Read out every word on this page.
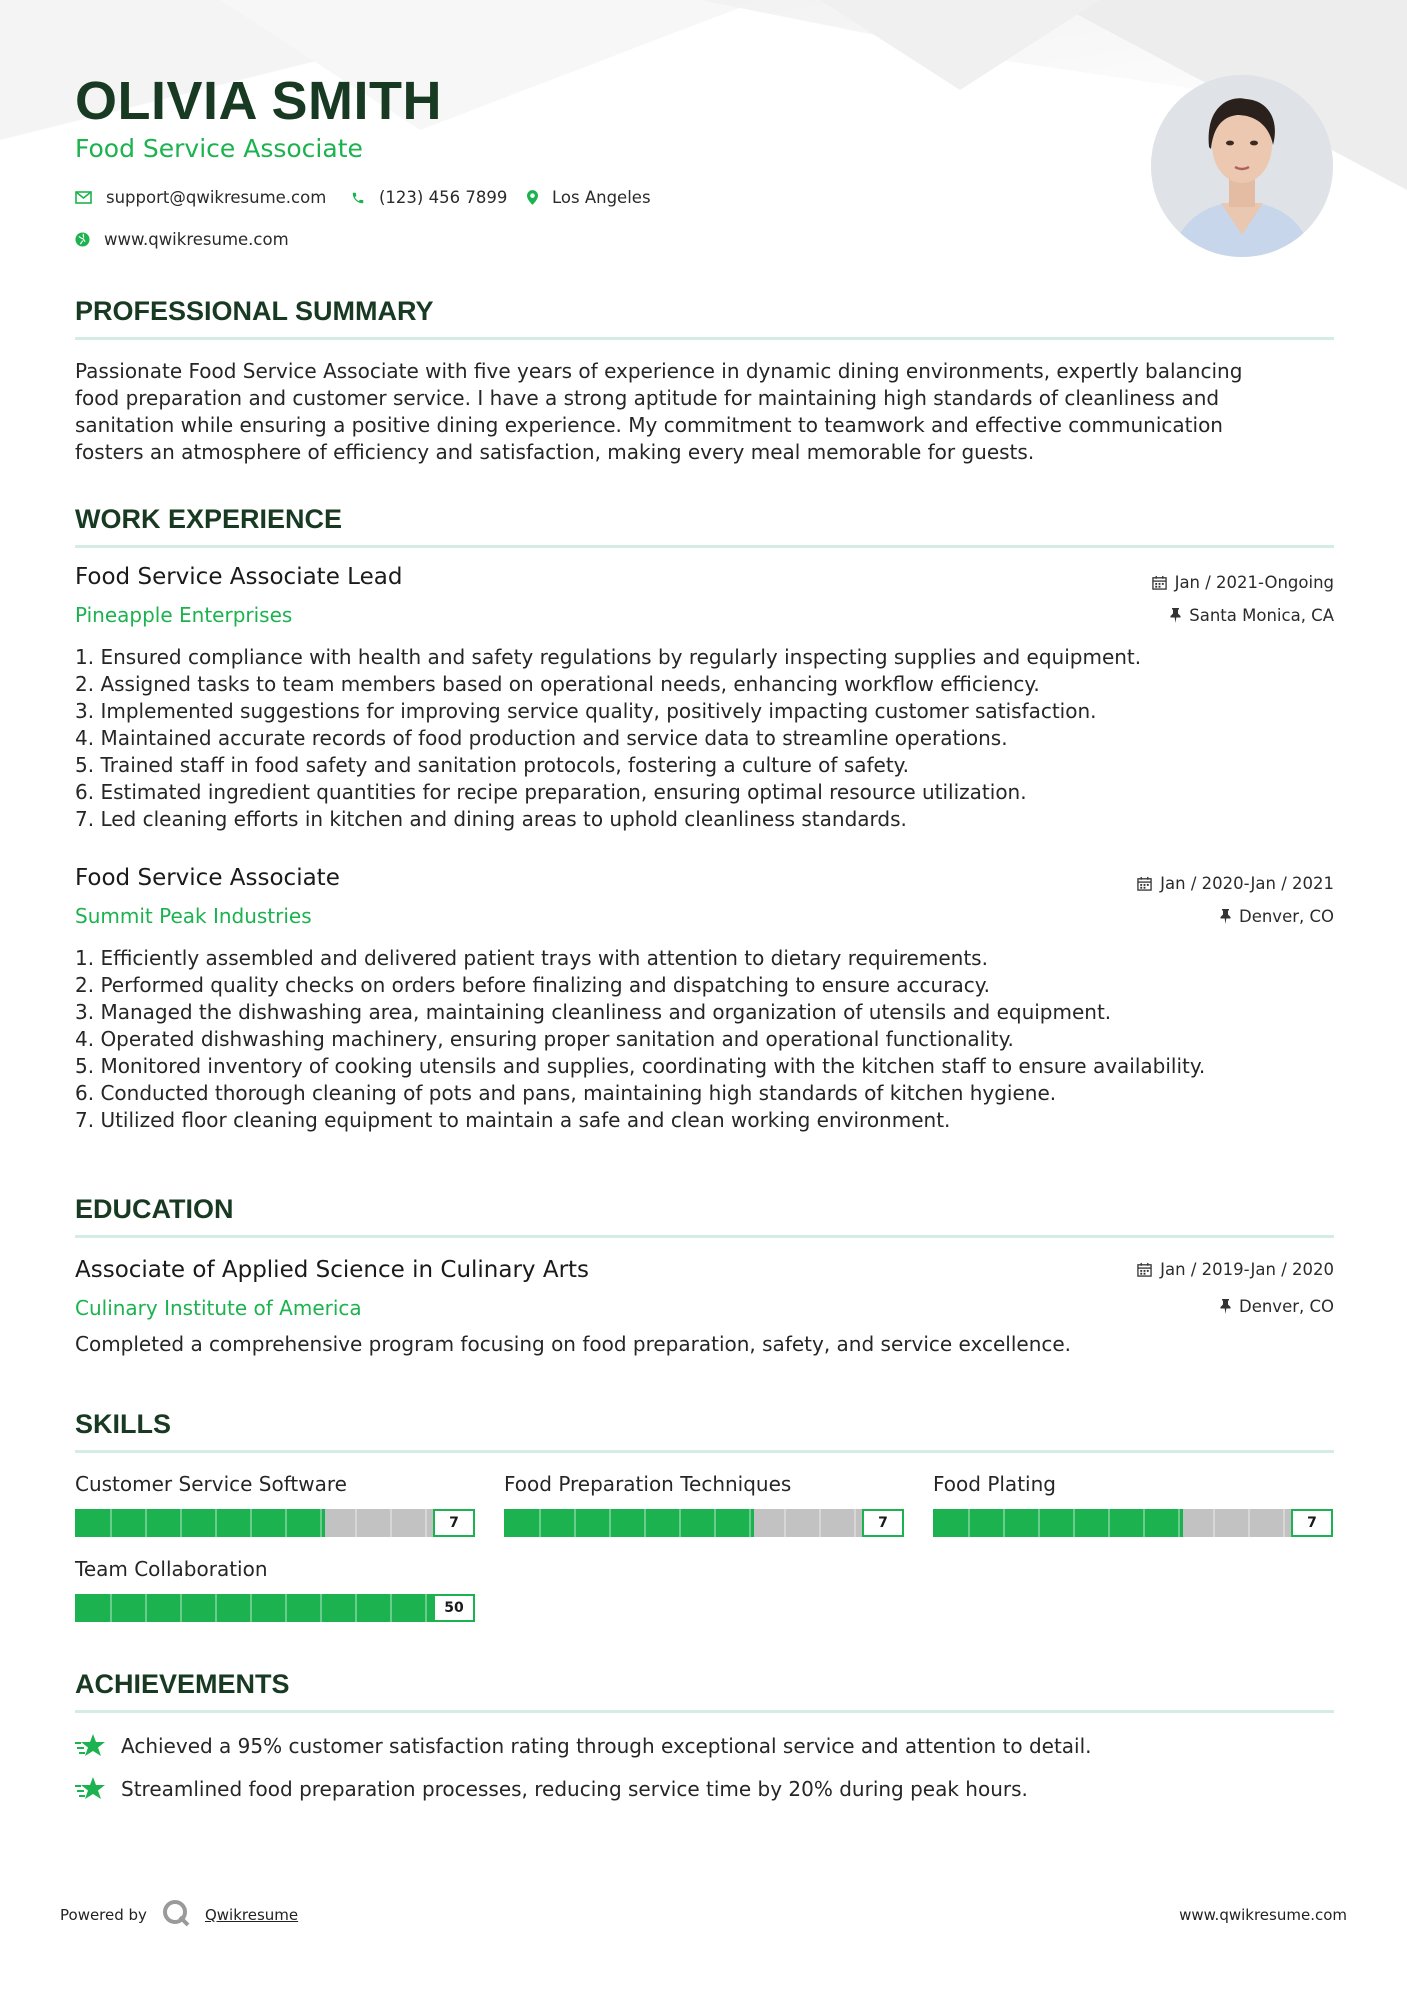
OLIVIA SMITH
Food Service Associate
support@qwikresume.com	(123) 456 7899	Los Angeles
www.qwikresume.com
PROFESSIONAL SUMMARY
Passionate Food Service Associate with five years of experience in dynamic dining environments, expertly balancing
food preparation and customer service. I have a strong aptitude for maintaining high standards of cleanliness and
sanitation while ensuring a positive dining experience. My commitment to teamwork and effective communication
fosters an atmosphere of efficiency and satisfaction, making every meal memorable for guests.
WORK EXPERIENCE
Food Service Associate Lead
Pineapple Enterprises
Jan / 2021-Ongoing
Santa Monica, CA
1. Ensured compliance with health and safety regulations by regularly inspecting supplies and equipment.
2. Assigned tasks to team members based on operational needs, enhancing workflow efficiency.
3. Implemented suggestions for improving service quality, positively impacting customer satisfaction.
4. Maintained accurate records of food production and service data to streamline operations.
5. Trained staff in food safety and sanitation protocols, fostering a culture of safety.
6. Estimated ingredient quantities for recipe preparation, ensuring optimal resource utilization.
7. Led cleaning efforts in kitchen and dining areas to uphold cleanliness standards.
Food Service Associate
Summit Peak Industries
Jan / 2020-Jan / 2021
Denver, CO
1. Efficiently assembled and delivered patient trays with attention to dietary requirements.
2. Performed quality checks on orders before finalizing and dispatching to ensure accuracy.
3. Managed the dishwashing area, maintaining cleanliness and organization of utensils and equipment.
4. Operated dishwashing machinery, ensuring proper sanitation and operational functionality.
5. Monitored inventory of cooking utensils and supplies, coordinating with the kitchen staff to ensure availability.
6. Conducted thorough cleaning of pots and pans, maintaining high standards of kitchen hygiene.
7. Utilized floor cleaning equipment to maintain a safe and clean working environment.
EDUCATION
Associate of Applied Science in Culinary Arts
Culinary Institute of America
Jan / 2019-Jan / 2020
Denver, CO
Completed a comprehensive program focusing on food preparation, safety, and service excellence.
SKILLS
Customer Service Software
7
Food Preparation Techniques
7
Food Plating
7
Team Collaboration
50
ACHIEVEMENTS
Achieved a 95% customer satisfaction rating through exceptional service and attention to detail.
Streamlined food preparation processes, reducing service time by 20% during peak hours.
Powered by	Qwikresume	www.qwikresume.com
